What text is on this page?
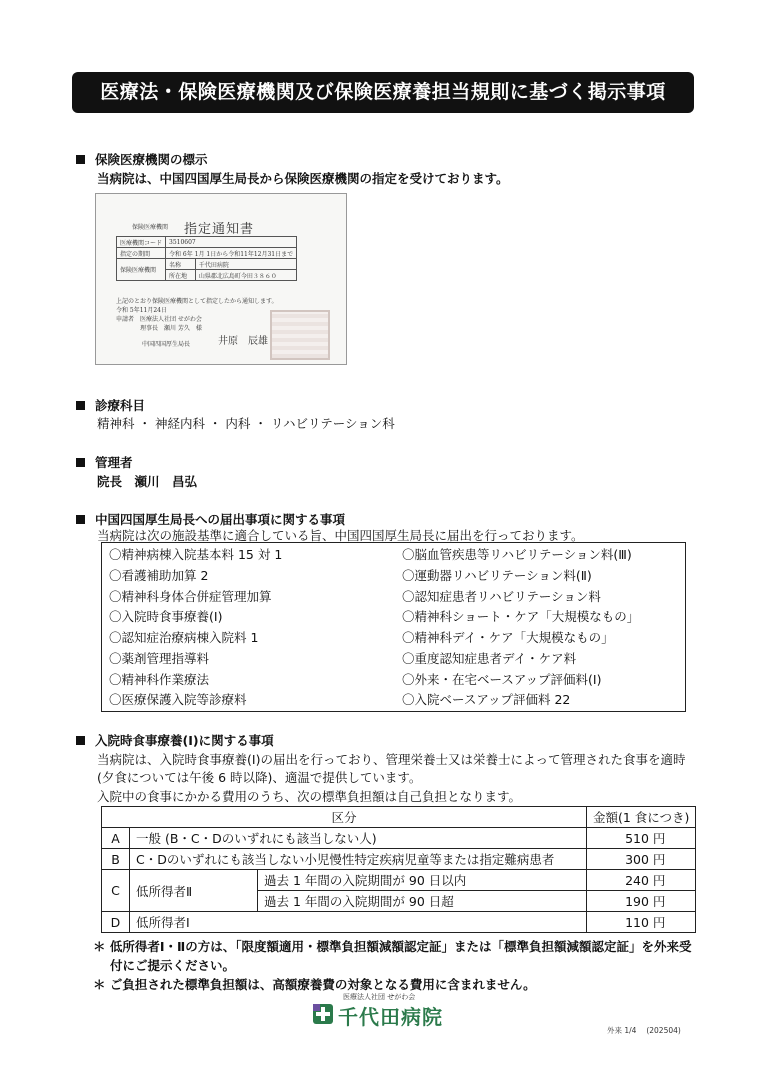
医療法・保険医療機関及び保険医療養担当規則に基づく掲示事項
保険医療機関の標示
当病院は、中国四国厚生局長から保険医療機関の指定を受けております。
保険医療機関 指定通知書
医療機関コード	3510607	
指定の期間	令和 6年 1月 1日から令和11年12月31日まで	
保険医療機関	名称	千代田病院
	所在地	山県郡北広島町今田３８６０
上記のとおり保険医療機関として指定したから通知します。
令和 5年11月24日
申請者　医療法人社団 せがわ会
理事長　瀬川 芳久　様
中国四国厚生局長	井原　辰雄
診療科目
精神科 ・ 神経内科 ・ 内科 ・ リハビリテーション科
管理者
院長　瀬川　昌弘
中国四国厚生局長への届出事項に関する事項
当病院は次の施設基準に適合している旨、中国四国厚生局長に届出を行っております。
〇精神病棟入院基本料 15 対 1
〇看護補助加算 2
〇精神科身体合併症管理加算
〇入院時食事療養(Ⅰ)
〇認知症治療病棟入院料 1
〇薬剤管理指導料
〇精神科作業療法
〇医療保護入院等診療料
〇脳血管疾患等リハビリテーション料(Ⅲ)
〇運動器リハビリテーション料(Ⅱ)
〇認知症患者リハビリテーション料
〇精神科ショート・ケア「大規模なもの」
〇精神科デイ・ケア「大規模なもの」
〇重度認知症患者デイ・ケア料
〇外来・在宅ベースアップ評価料(Ⅰ)
〇入院ベースアップ評価料 22
入院時食事療養(Ⅰ)に関する事項
当病院は、入院時食事療養(Ⅰ)の届出を行っており、管理栄養士又は栄養士によって管理された食事を適時
(夕食については午後 6 時以降)、適温で提供しています。
入院中の食事にかかる費用のうち、次の標準負担額は自己負担となります。
区分			金額(1 食につき)
A	一般 (B・C・Dのいずれにも該当しない人)		510 円
B	C・Dのいずれにも該当しない小児慢性特定疾病児童等または指定難病患者		300 円
C	低所得者Ⅱ	過去 1 年間の入院期間が 90 日以内	240 円
		過去 1 年間の入院期間が 90 日超	190 円
D	低所得者Ⅰ		110 円
＊ 低所得者Ⅰ・Ⅱの方は、「限度額適用・標準負担額減額認定証」または「標準負担額減額認定証」を外来受
付にご提示ください。
＊ ご負担された標準負担額は、高額療養費の対象となる費用に含まれません。
医療法人社団 せがわ会
千代田病院
外来 1/4　 (202504)
